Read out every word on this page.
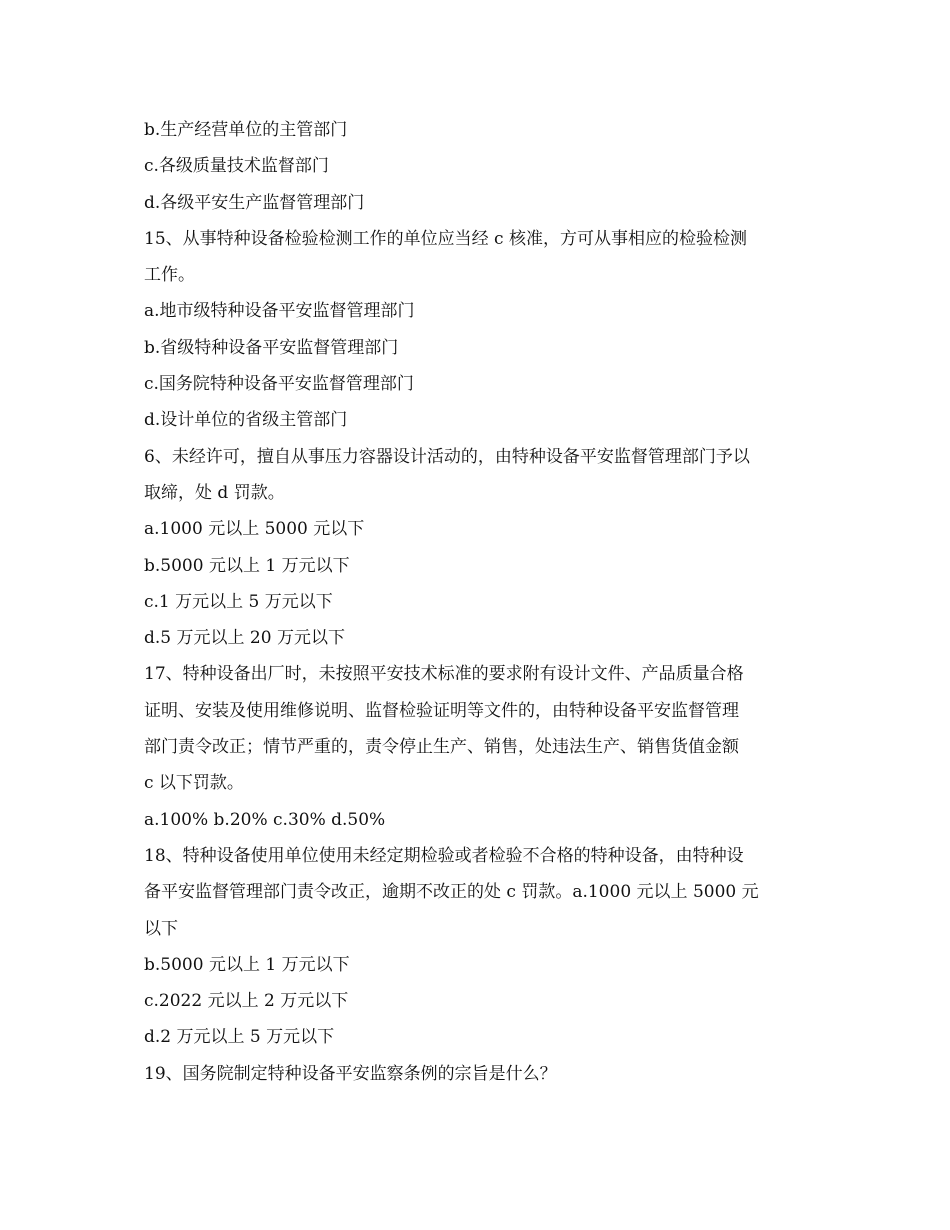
b.生产经营单位的主管部门

c.各级质量技术监督部门

d.各级平安生产监督管理部门

15、从事特种设备检验检测工作的单位应当经 c 核准，方可从事相应的检验检测

工作。

a.地市级特种设备平安监督管理部门

b.省级特种设备平安监督管理部门

c.国务院特种设备平安监督管理部门

d.设计单位的省级主管部门

6、未经许可，擅自从事压力容器设计活动的，由特种设备平安监督管理部门予以

取缔，处 d 罚款。

a.1000 元以上 5000 元以下

b.5000 元以上 1 万元以下

c.1 万元以上 5 万元以下

d.5 万元以上 20 万元以下

17、特种设备出厂时，未按照平安技术标准的要求附有设计文件、产品质量合格

证明、安装及使用维修说明、监督检验证明等文件的，由特种设备平安监督管理

部门责令改正；情节严重的，责令停止生产、销售，处违法生产、销售货值金额

c 以下罚款。

a.100% b.20% c.30% d.50%

18、特种设备使用单位使用未经定期检验或者检验不合格的特种设备，由特种设

备平安监督管理部门责令改正，逾期不改正的处 c 罚款。a.1000 元以上 5000 元

以下

b.5000 元以上 1 万元以下

c.2022 元以上 2 万元以下

d.2 万元以上 5 万元以下

19、国务院制定特种设备平安监察条例的宗旨是什么？
